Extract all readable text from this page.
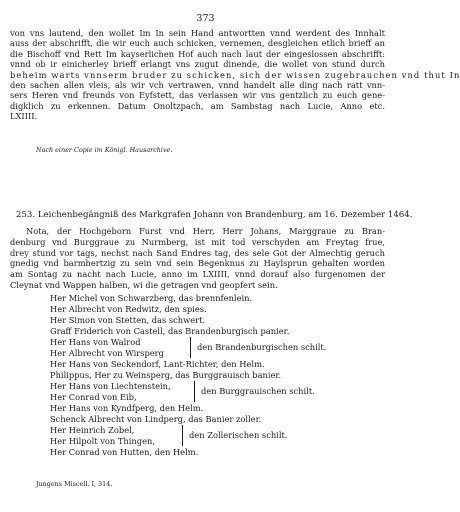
373
von vns lautend, den wollet Im In sein Hand antwortten vnnd werdent des Innhalt
auss der abschrifft, die wir euch auch schicken, vernemen, desgleichen etlich brieff an
die Bischoff vnd Rett Im kayserlichen Hof auch nach laut der eingeslossen abschrifft:
vnnd ob ir einicherley brieff erlangt vns zugut dinende, die wollet von stund durch
beheim warts vnnserm bruder zu schicken, sich der wissen zugebrauchen vnd thut In
den sachen allen vleis, als wir vch vertrawen, vnnd handelt alle ding nach ratt vnn-
sers Heren vnd freunds von Eyfstett, das verlassen wir vns gentzlich zu euch gene-
digklich zu erkennen. Datum Onoltzpach, am Sambstag nach Lucie, Anno etc.
LXIIII.
Nach einer Copie im Königl. Hausarchive.
253. Leichenbegängniß des Markgrafen Johann von Brandenburg, am 16. Dezember 1464.
Nota, der Hochgeborn Furst vnd Herr, Herr Johans, Marggraue zu Bran-
denburg vnd Burggraue zu Nurmberg, ist mit tod verschyden am Freytag frue,
drey stund vor tags, nechst nach Sand Endres tag, des sele Got der Almechtig geruch
gnedig vnd barmhertzig zu sein vnd sein Begenknus zu Haylsprun gehalten worden
am Sontag zu nacht nach Lucie, anno im LXIIII, vnnd dorauf also furgenomen der
Cleynat vnd Wappen halben, wi die getragen vnd geopfert sein.
Her Michel von Schwarzberg, das brennfenlein.
Her Albrecht von Redwitz, den spies.
Her Simon von Stetten, das schwert.
Graff Friderich von Castell, das Brandenburgisch panier.
Her Hans von Walrod
Her Albrecht von Wirsperg
den Brandenburgischen schilt.
Her Hans von Seckendorf, Lant-Richter, den Helm.
Philippus, Her zu Weinsperg, das Burggrauisch banier.
Her Hans von Liechtenstein,
Her Conrad von Eib,
den Burggrauischen schilt.
Her Hans von Kyndfperg, den Helm.
Schenck Albrecht von Lindperg, das Banier zoller.
Her Heinrich Zobel,
Her Hilpolt von Thingen,
den Zollerischen schilt.
Her Conrad von Hutten, den Helm.
Jungens Miscell. I, 314.
